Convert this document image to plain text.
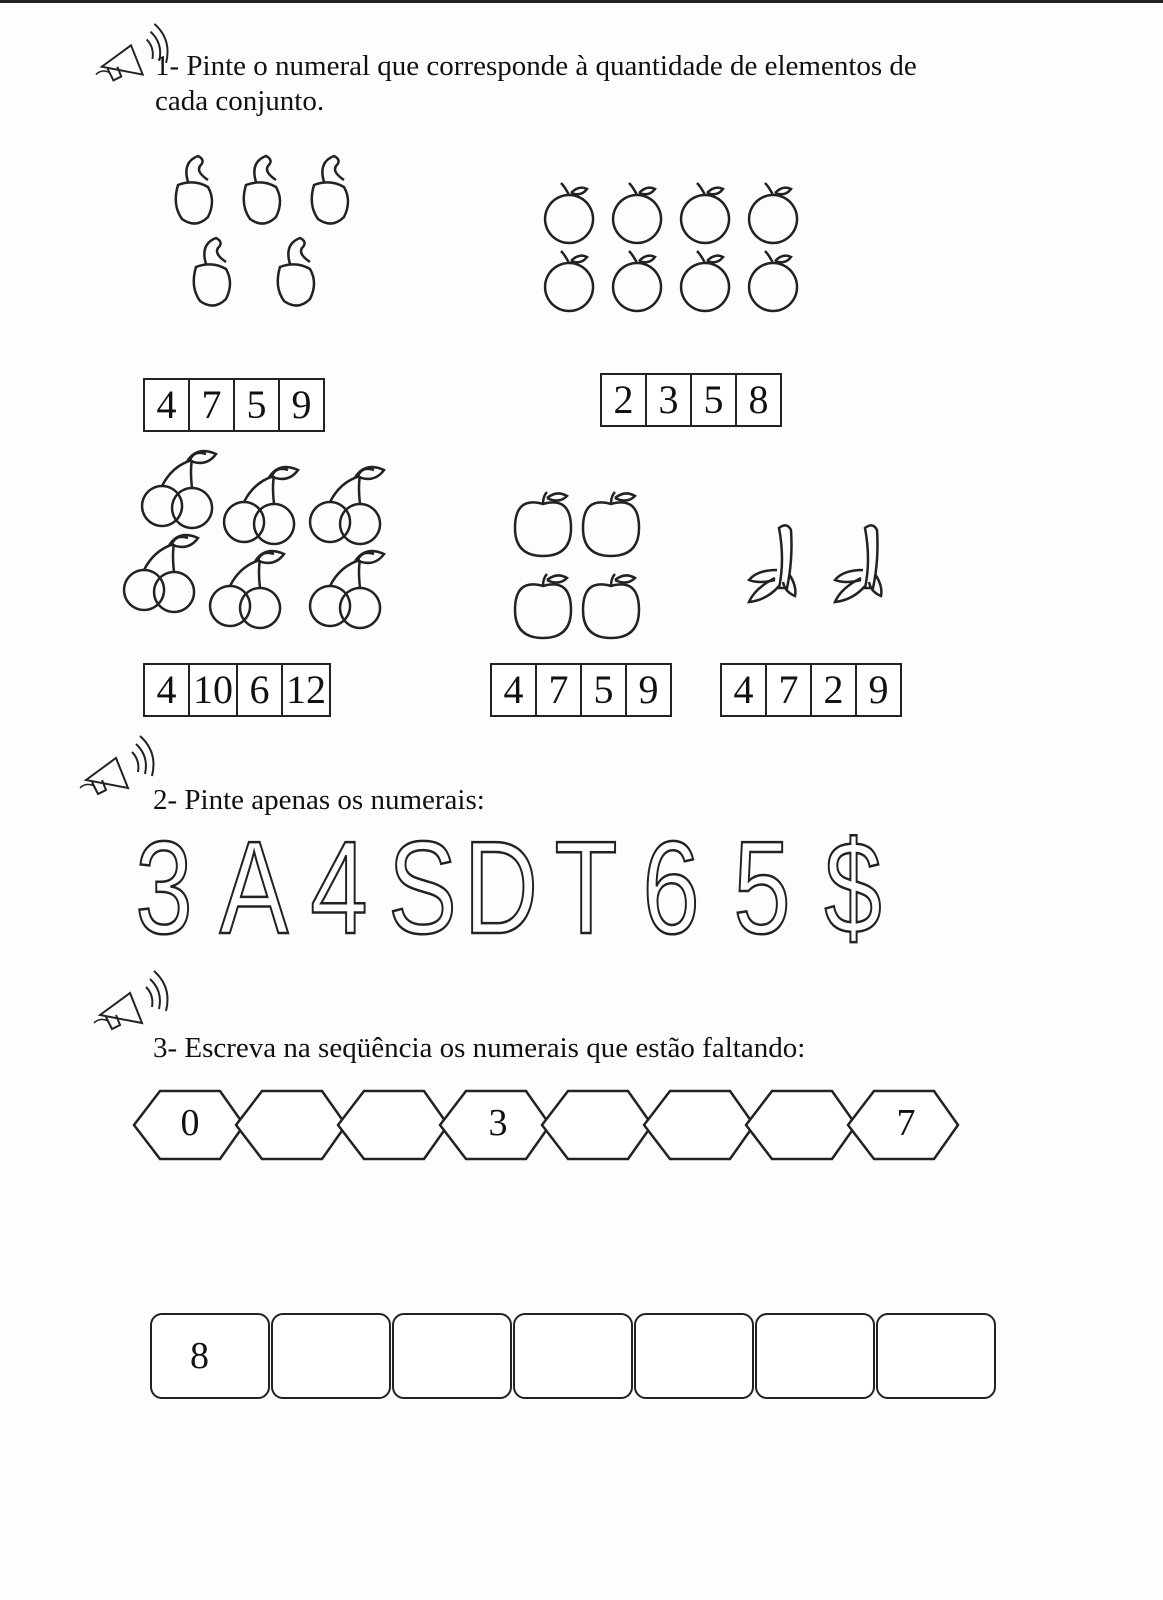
1- Pinte o numeral que corresponde à quantidade de elementos de
cada conjunto.
4 7 5 9	2 3 5 8
4 10 6 12	4 7 5 9 4 7 2 9
2- Pinte apenas os numerais:
3 A 4 S D T 6 5 $
3- Escreva na seqüência os numerais que estão faltando:
0	3	7
8
